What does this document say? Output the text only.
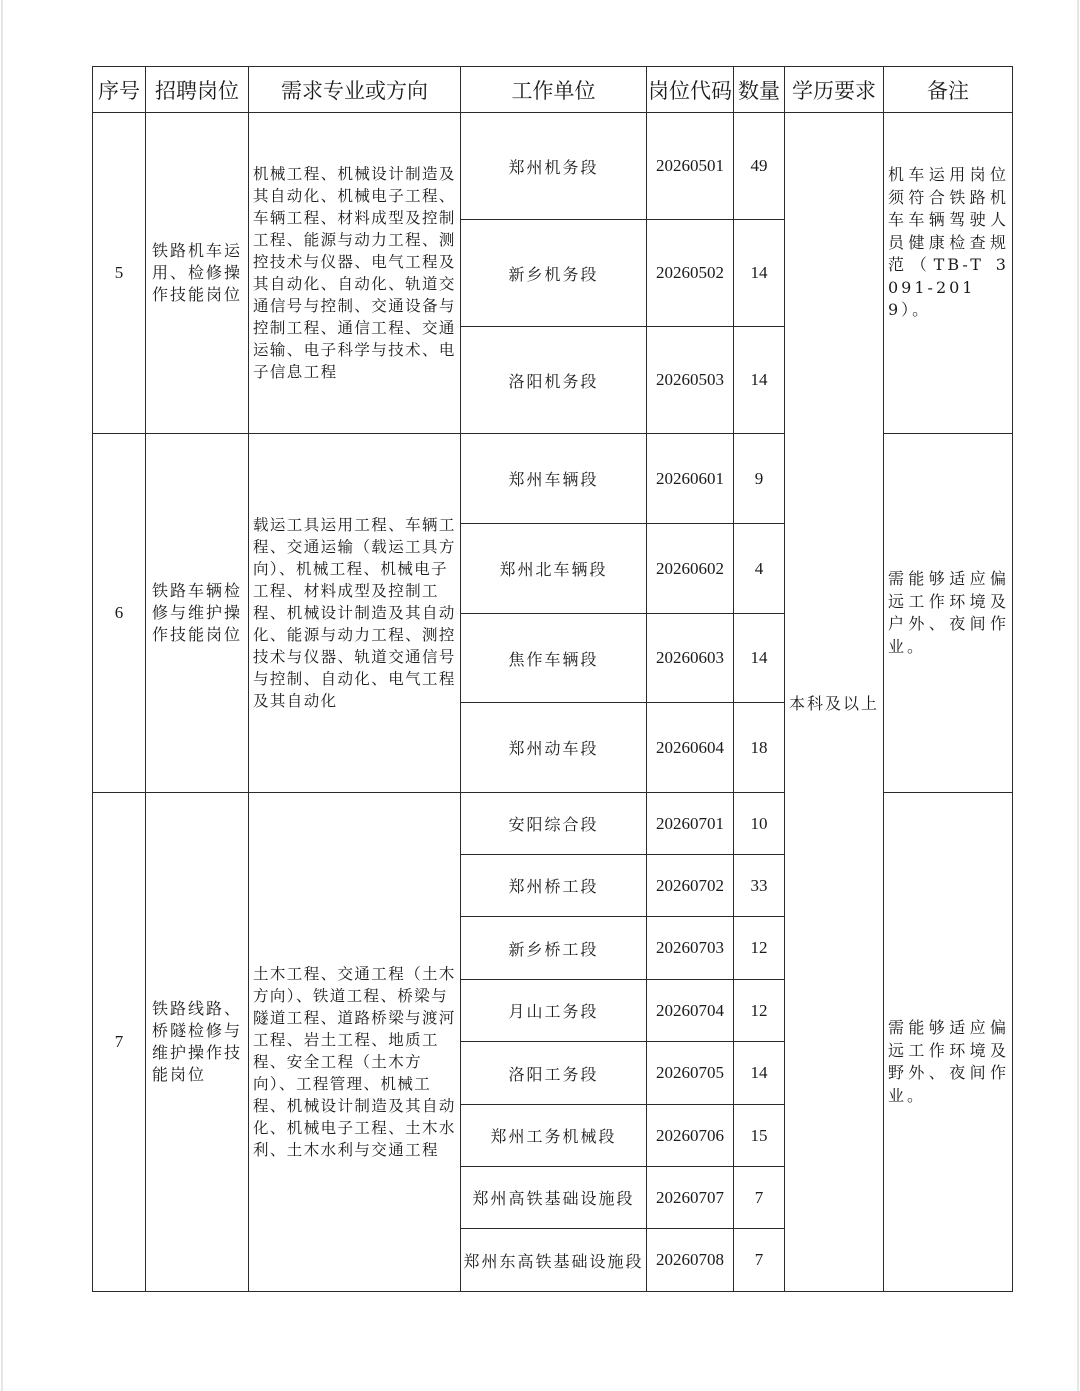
序号	招聘岗位	需求专业或方向	工作单位	岗位代码	数量	学历要求	备注
5	铁路机车运用、检修操作技能岗位	机械工程、机械设计制造及其自动化、机械电子工程、车辆工程、材料成型及控制工程、能源与动力工程、测控技术与仪器、电气工程及其自动化、自动化、轨道交通信号与控制、交通设备与控制工程、通信工程、交通运输、电子科学与技术、电子信息工程	郑州机务段	20260501	49	本科及以上	机车运用岗位须符合铁路机车车辆驾驶人员健康检查规范（TB-T 3091-2019）。
			新乡机务段	20260502	14		
			洛阳机务段	20260503	14		
6	铁路车辆检修与维护操作技能岗位	载运工具运用工程、车辆工程、交通运输（载运工具方向）、机械工程、机械电子工程、材料成型及控制工程、机械设计制造及其自动化、能源与动力工程、测控技术与仪器、轨道交通信号与控制、自动化、电气工程及其自动化	郑州车辆段	20260601	9		需能够适应偏远工作环境及户外、夜间作业。
			郑州北车辆段	20260602	4		
			焦作车辆段	20260603	14		
			郑州动车段	20260604	18		
7	铁路线路、桥隧检修与维护操作技能岗位	土木工程、交通工程（土木方向）、铁道工程、桥梁与隧道工程、道路桥梁与渡河工程、岩土工程、地质工程、安全工程（土木方向）、工程管理、机械工程、机械设计制造及其自动化、机械电子工程、土木水利、土木水利与交通工程	安阳综合段	20260701	10		需能够适应偏远工作环境及野外、夜间作业。
			郑州桥工段	20260702	33		
			新乡桥工段	20260703	12		
			月山工务段	20260704	12		
			洛阳工务段	20260705	14		
			郑州工务机械段	20260706	15		
			郑州高铁基础设施段	20260707	7		
			郑州东高铁基础设施段	20260708	7		
